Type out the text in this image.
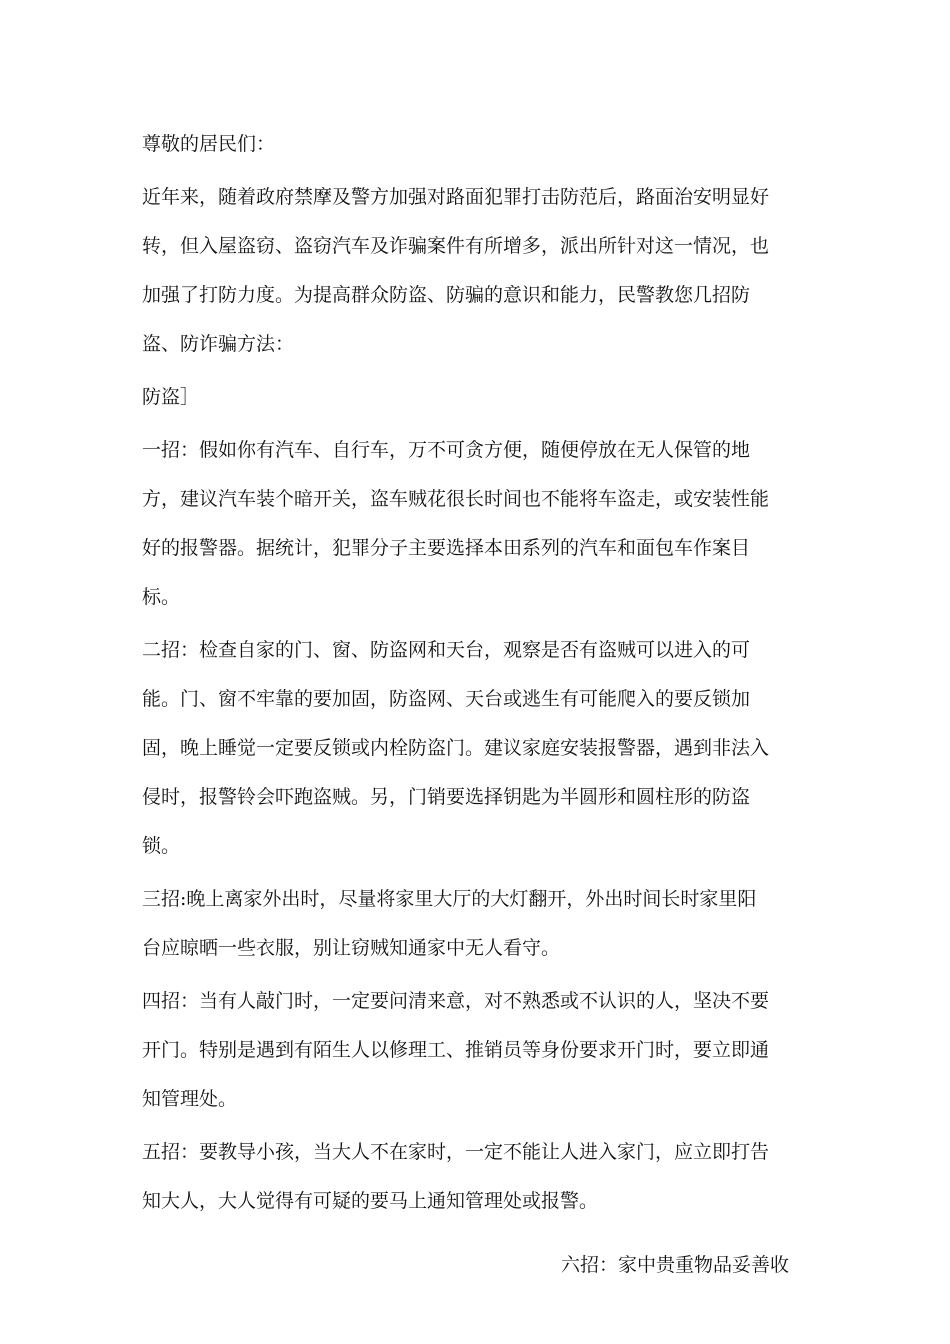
尊敬的居民们：

近年来，随着政府禁摩及警方加强对路面犯罪打击防范后，路面治安明显好
转，但入屋盗窃、盗窃汽车及诈骗案件有所增多，派出所针对这一情况，也
加强了打防力度。为提高群众防盗、防骗的意识和能力，民警教您几招防
盗、防诈骗方法：

防盗］

一招：假如你有汽车、自行车，万不可贪方便，随便停放在无人保管的地
方，建议汽车装个暗开关，盗车贼花很长时间也不能将车盗走，或安装性能
好的报警器。据统计，犯罪分子主要选择本田系列的汽车和面包车作案目
标。

二招：检查自家的门、窗、防盗网和天台，观察是否有盗贼可以进入的可
能。门、窗不牢靠的要加固，防盗网、天台或逃生有可能爬入的要反锁加
固，晚上睡觉一定要反锁或内栓防盗门。建议家庭安装报警器，遇到非法入
侵时，报警铃会吓跑盗贼。另，门销要选择钥匙为半圆形和圆柱形的防盗
锁。

三招:晚上离家外出时，尽量将家里大厅的大灯翻开，外出时间长时家里阳
台应晾晒一些衣服，别让窃贼知通家中无人看守。

四招：当有人敲门时，一定要问清来意，对不熟悉或不认识的人，坚决不要
开门。特别是遇到有陌生人以修理工、推销员等身份要求开门时，要立即通
知管理处。

五招：要教导小孩，当大人不在家时，一定不能让人进入家门，应立即打告
知大人，大人觉得有可疑的要马上通知管理处或报警。

六招：家中贵重物品妥善收
